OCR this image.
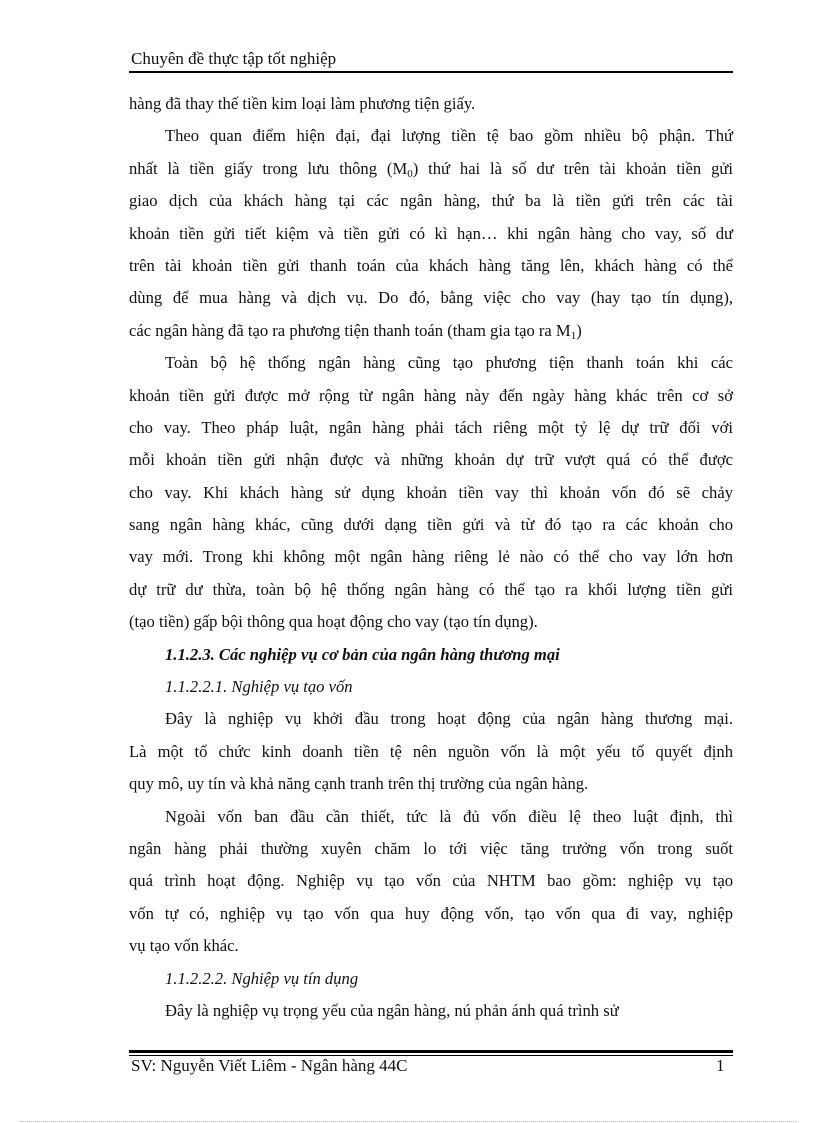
Chuyên đề thực tập tốt nghiệp
hàng đã thay thế tiền kim loại làm phương tiện giấy.
Theo quan điểm hiện đại, đại lượng tiền tệ bao gồm nhiều bộ phận. Thứ
nhất là tiền giấy trong lưu thông $(M_0)$ thứ hai là số dư trên tài khoản tiền gửi
giao dịch của khách hàng tại các ngân hàng, thứ ba là tiền gửi trên các tài
khoản tiền gửi tiết kiệm và tiền gửi có kì hạn… khi ngân hàng cho vay, số dư
trên tài khoản tiền gửi thanh toán của khách hàng tăng lên, khách hàng có thể
dùng để mua hàng và dịch vụ. Do đó, bằng việc cho vay (hay tạo tín dụng),
các ngân hàng đã tạo ra phương tiện thanh toán (tham gia tạo ra $M_1$)
Toàn bộ hệ thống ngân hàng cũng tạo phương tiện thanh toán khi các
khoản tiền gửi được mở rộng từ ngân hàng này đến ngày hàng khác trên cơ sở
cho vay. Theo pháp luật, ngân hàng phải tách riêng một tỷ lệ dự trữ đối với
mỗi khoản tiền gửi nhận được và những khoản dự trữ vượt quá có thể được
cho vay. Khi khách hàng sử dụng khoản tiền vay thì khoản vốn đó sẽ chảy
sang ngân hàng khác, cũng dưới dạng tiền gửi và từ đó tạo ra các khoản cho
vay mới. Trong khi không một ngân hàng riêng lẻ nào có thể cho vay lớn hơn
dự trữ dư thừa, toàn bộ hệ thống ngân hàng có thể tạo ra khối lượng tiền gửi
(tạo tiền) gấp bội thông qua hoạt động cho vay (tạo tín dụng).
1.1.2.3. Các nghiệp vụ cơ bản của ngân hàng thương mại
1.1.2.2.1. Nghiệp vụ tạo vốn
Đây là nghiệp vụ khởi đầu trong hoạt động của ngân hàng thương mại.
Là một tổ chức kinh doanh tiền tệ nên nguồn vốn là một yếu tố quyết định
quy mô, uy tín và khả năng cạnh tranh trên thị trường của ngân hàng.
Ngoài vốn ban đầu cần thiết, tức là đủ vốn điều lệ theo luật định, thì
ngân hàng phải thường xuyên chăm lo tới việc tăng trưởng vốn trong suốt
quá trình hoạt động. Nghiệp vụ tạo vốn của NHTM bao gồm: nghiệp vụ tạo
vốn tự có, nghiệp vụ tạo vốn qua huy động vốn, tạo vốn qua đi vay, nghiệp
vụ tạo vốn khác.
1.1.2.2.2. Nghiệp vụ tín dụng
Đây là nghiệp vụ trọng yếu của ngân hàng, nú phản ánh quá trình sử
SV: Nguyễn Viết Liêm - Ngân hàng 44C	1
